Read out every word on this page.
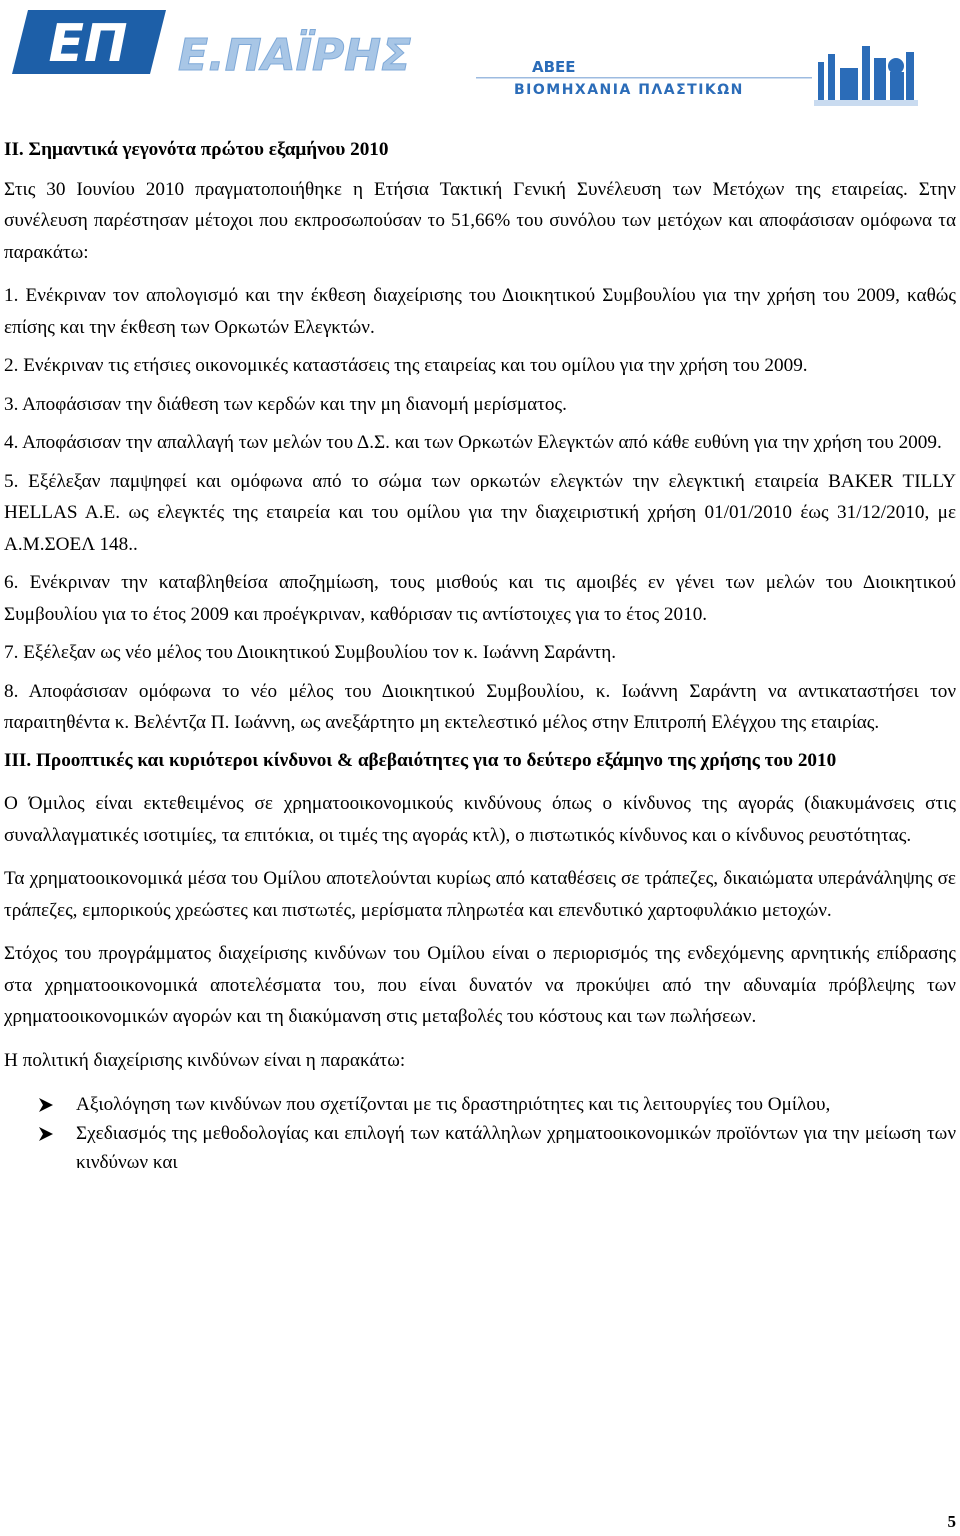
ΕΠ Ε.ΠΑΪΡΗΣ	ΑΒΕΕ
ΒΙΟΜΗΧΑΝΙΑ ΠΛΑΣΤΙΚΩΝ

ΙΙ. Σημαντικά γεγονότα πρώτου εξαμήνου 2010

Στις 30 Ιουνίου 2010 πραγματοποιήθηκε η Ετήσια Τακτική Γενική Συνέλευση των Μετόχων της εταιρείας. Στην συνέλευση παρέστησαν μέτοχοι που εκπροσωπούσαν το 51,66% του συνόλου των μετόχων και αποφάσισαν ομόφωνα τα παρακάτω:

1. Ενέκριναν τον απολογισμό και την έκθεση διαχείρισης του Διοικητικού Συμβουλίου για την χρήση του 2009, καθώς επίσης και την έκθεση των Ορκωτών Ελεγκτών.

2. Ενέκριναν τις ετήσιες οικονομικές καταστάσεις της εταιρείας και του ομίλου για την χρήση του 2009.

3. Αποφάσισαν την διάθεση των κερδών και την μη διανομή μερίσματος.

4. Αποφάσισαν την απαλλαγή των μελών του Δ.Σ. και των Ορκωτών Ελεγκτών από κάθε ευθύνη για την χρήση του 2009.

5. Εξέλεξαν παμψηφεί και ομόφωνα από το σώμα των ορκωτών ελεγκτών την ελεγκτική εταιρεία BAKER TILLY HELLAS A.E. ως ελεγκτές της εταιρεία και του ομίλου για την διαχειριστική χρήση 01/01/2010 έως 31/12/2010, με Α.Μ.ΣΟΕΛ 148..

6. Ενέκριναν την καταβληθείσα αποζημίωση, τους μισθούς και τις αμοιβές εν γένει των μελών του Διοικητικού Συμβουλίου για το έτος 2009 και προέγκριναν, καθόρισαν τις αντίστοιχες για το έτος 2010.

7. Εξέλεξαν ως νέο μέλος του Διοικητικού Συμβουλίου τον κ. Ιωάννη Σαράντη.

8. Αποφάσισαν ομόφωνα το νέο μέλος του Διοικητικού Συμβουλίου, κ. Ιωάννη Σαράντη να αντικαταστήσει τον παραιτηθέντα κ. Βελέντζα Π. Ιωάννη, ως ανεξάρτητο μη εκτελεστικό μέλος στην Επιτροπή Ελέγχου της εταιρίας.

ΙΙΙ. Προοπτικές και κυριότεροι κίνδυνοι & αβεβαιότητες για το δεύτερο εξάμηνο της χρήσης του 2010

Ο Όμιλος είναι εκτεθειμένος σε χρηματοοικονομικούς κινδύνους όπως ο κίνδυνος της αγοράς (διακυμάνσεις στις συναλλαγματικές ισοτιμίες, τα επιτόκια, οι τιμές της αγοράς κτλ), ο πιστωτικός κίνδυνος και ο κίνδυνος ρευστότητας.

Τα χρηματοοικονομικά μέσα του Ομίλου αποτελούνται κυρίως από καταθέσεις σε τράπεζες, δικαιώματα υπεράνάληψης σε τράπεζες, εμπορικούς χρεώστες και πιστωτές, μερίσματα πληρωτέα και επενδυτικό χαρτοφυλάκιο μετοχών.

Στόχος του προγράμματος διαχείρισης κινδύνων του Ομίλου είναι ο περιορισμός της ενδεχόμενης αρνητικής επίδρασης στα χρηματοοικονομικά αποτελέσματα του, που είναι δυνατόν να προκύψει από την αδυναμία πρόβλεψης των χρηματοοικονομικών αγορών και τη διακύμανση στις μεταβολές του κόστους και των πωλήσεων.

Η πολιτική διαχείρισης κινδύνων είναι η παρακάτω:

Αξιολόγηση των κινδύνων που σχετίζονται με τις δραστηριότητες και τις λειτουργίες του Ομίλου,
Σχεδιασμός της μεθοδολογίας και επιλογή των κατάλληλων χρηματοοικονομικών προϊόντων για την μείωση των κινδύνων και
5
